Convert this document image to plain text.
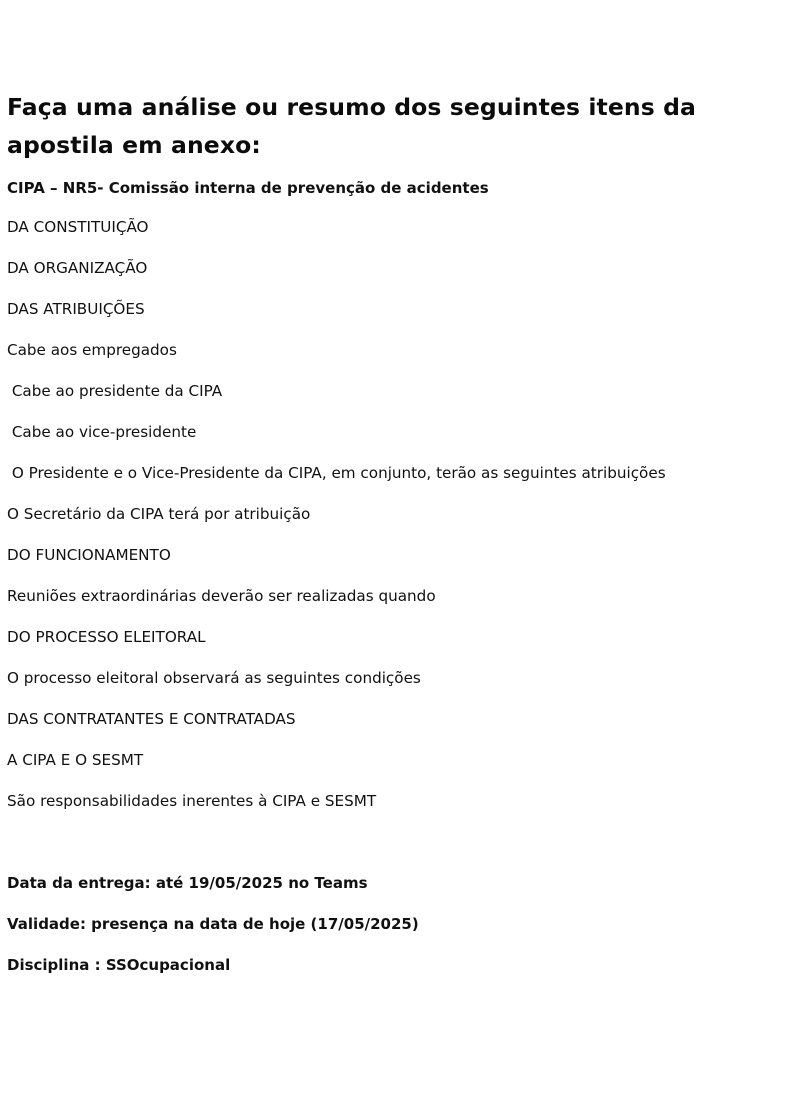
Faça uma análise ou resumo dos seguintes itens da apostila em anexo:
CIPA – NR5- Comissão interna de prevenção de acidentes
DA CONSTITUIÇÃO
DA ORGANIZAÇÃO
DAS ATRIBUIÇÕES
Cabe aos empregados
Cabe ao presidente da CIPA
Cabe ao vice-presidente
O Presidente e o Vice-Presidente da CIPA, em conjunto, terão as seguintes atribuições
O Secretário da CIPA terá por atribuição
DO FUNCIONAMENTO
Reuniões extraordinárias deverão ser realizadas quando
DO PROCESSO ELEITORAL
O processo eleitoral observará as seguintes condições
DAS CONTRATANTES E CONTRATADAS
A CIPA E O SESMT
São responsabilidades inerentes à CIPA e SESMT
Data da entrega: até 19/05/2025 no Teams
Validade: presença na data de hoje (17/05/2025)
Disciplina : SSOcupacional
